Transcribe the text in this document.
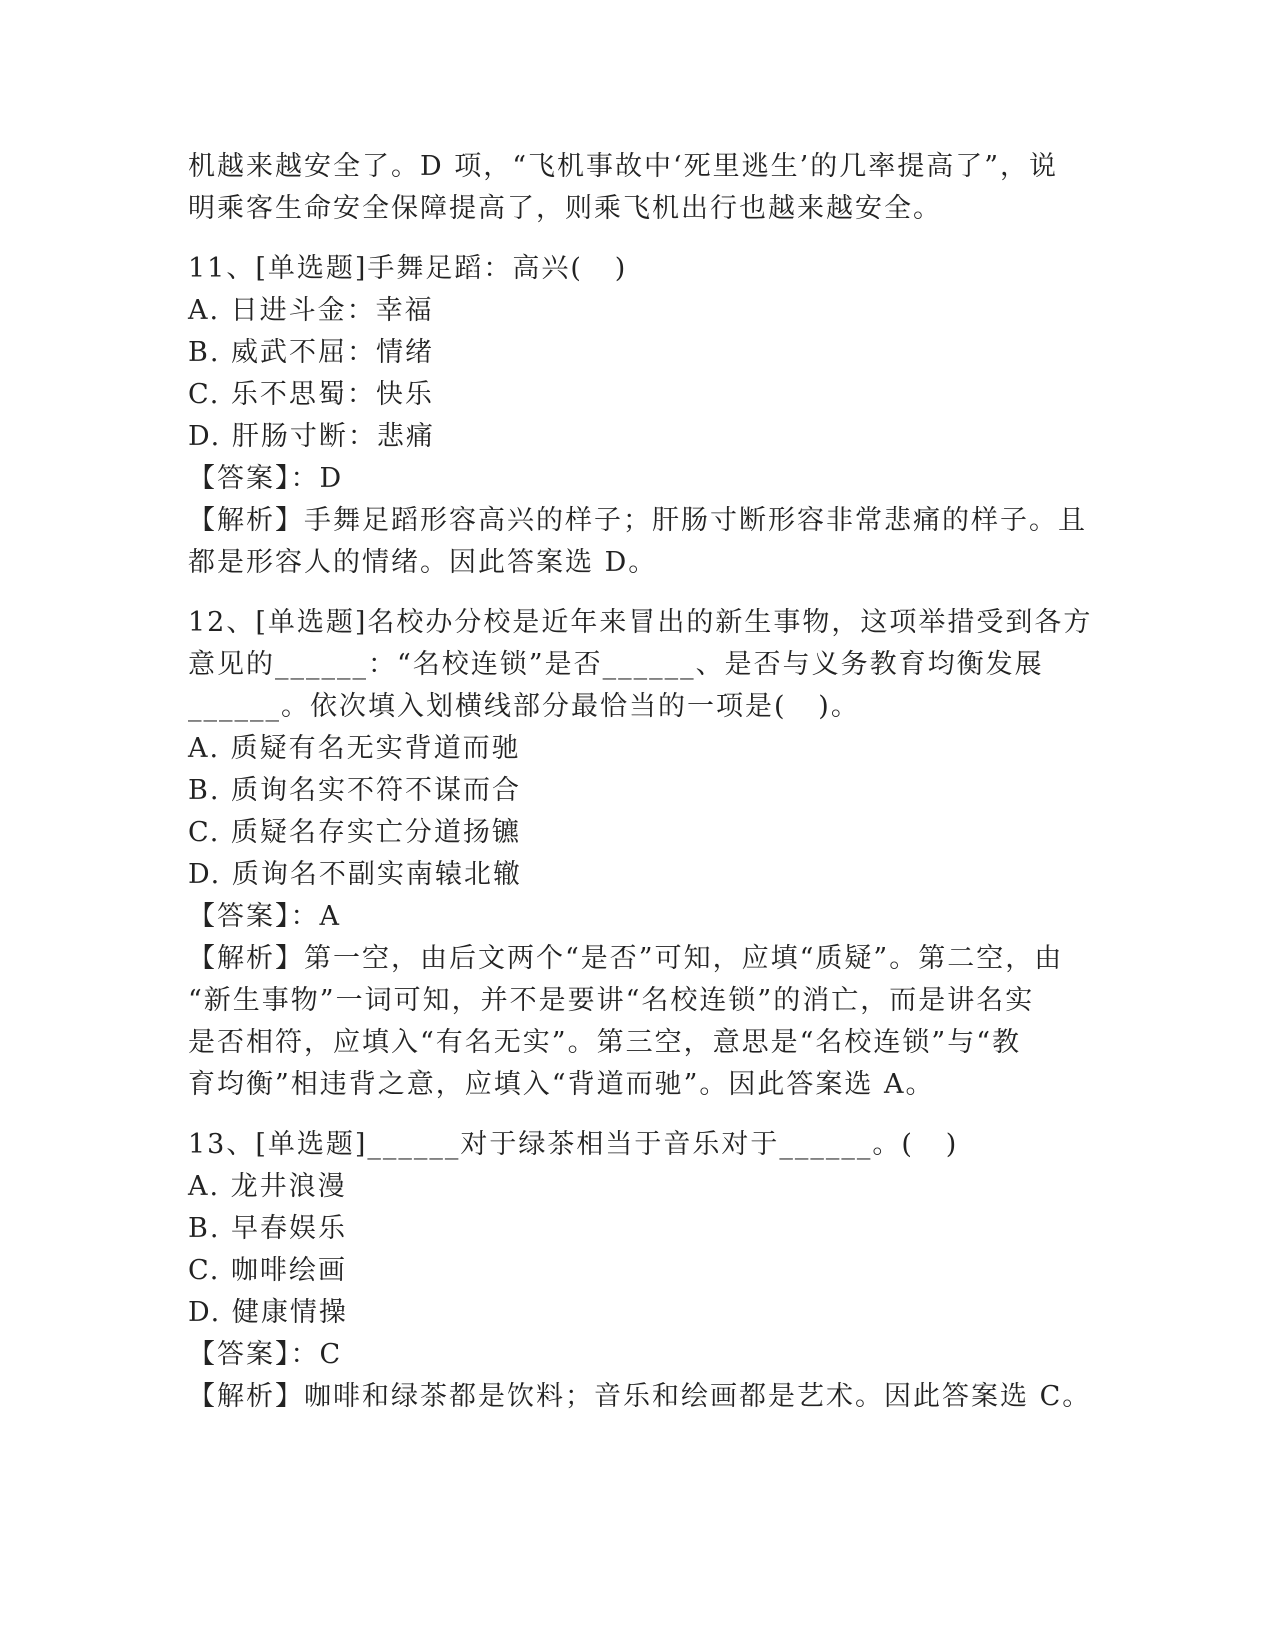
机越来越安全了。D 项，“飞机事故中‘死里逃生’的几率提高了”，说
明乘客生命安全保障提高了，则乘飞机出行也越来越安全。
11、[单选题]手舞足蹈：高兴(   )
A. 日进斗金：幸福
B. 威武不屈：情绪
C. 乐不思蜀：快乐
D. 肝肠寸断：悲痛
【答案】：D
【解析】手舞足蹈形容高兴的样子；肝肠寸断形容非常悲痛的样子。且
都是形容人的情绪。因此答案选 D。
12、[单选题]名校办分校是近年来冒出的新生事物，这项举措受到各方
意见的______：“名校连锁”是否______、是否与义务教育均衡发展
______。依次填入划横线部分最恰当的一项是(   )。
A. 质疑有名无实背道而驰
B. 质询名实不符不谋而合
C. 质疑名存实亡分道扬镳
D. 质询名不副实南辕北辙
【答案】：A
【解析】第一空，由后文两个“是否”可知，应填“质疑”。第二空，由
“新生事物”一词可知，并不是要讲“名校连锁”的消亡，而是讲名实
是否相符，应填入“有名无实”。第三空，意思是“名校连锁”与“教
育均衡”相违背之意，应填入“背道而驰”。因此答案选 A。
13、[单选题]______对于绿茶相当于音乐对于______。(   )
A. 龙井浪漫
B. 早春娱乐
C. 咖啡绘画
D. 健康情操
【答案】：C
【解析】咖啡和绿茶都是饮料；音乐和绘画都是艺术。因此答案选 C。
